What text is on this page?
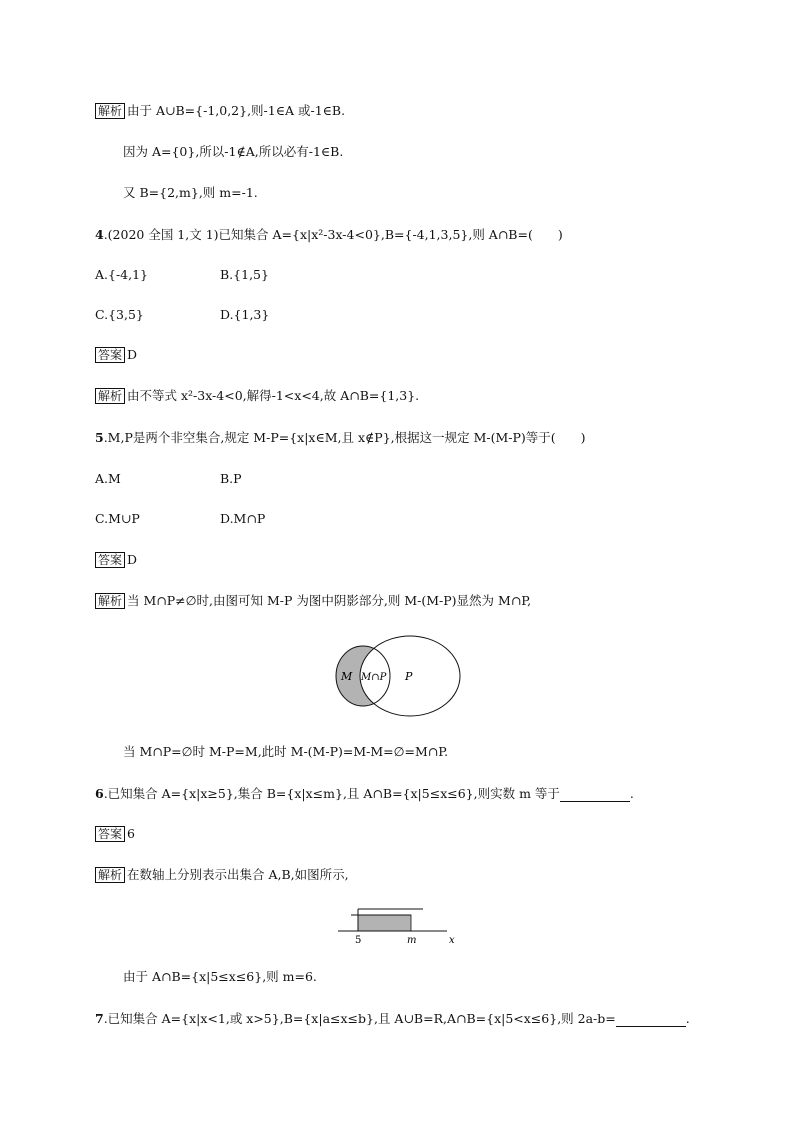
解析 由于 A∪B={-1,0,2},则-1∈A 或-1∈B.
因为 A={0},所以-1∉A,所以必有-1∈B.
又 B={2,m},则 m=-1.
4.(2020 全国 1,文 1)已知集合 A={x|x²-3x-4<0},B={-4,1,3,5},则 A∩B=(　　)
A.{-4,1}	B.{1,5}
C.{3,5}	D.{1,3}
答案 D
解析 由不等式 x²-3x-4<0,解得-1<x<4,故 A∩B={1,3}.
5.M,P是两个非空集合,规定 M-P={x|x∈M,且 x∉P},根据这一规定 M-(M-P)等于(　　)
A.M	B.P
C.M∪P	D.M∩P
答案 D
解析 当 M∩P≠∅时,由图可知 M-P 为图中阴影部分,则 M-(M-P)显然为 M∩P,
M M∩P P
当 M∩P=∅时 M-P=M,此时 M-(M-P)=M-M=∅=M∩P.
6.已知集合 A={x|x≥5},集合 B={x|x≤m},且 A∩B={x|5≤x≤6},则实数 m 等于	.
答案 6
解析 在数轴上分别表示出集合 A,B,如图所示,
5	m	x
由于 A∩B={x|5≤x≤6},则 m=6.
7.已知集合 A={x|x<1,或 x>5},B={x|a≤x≤b},且 A∪B=R,A∩B={x|5<x≤6},则 2a-b=	.
